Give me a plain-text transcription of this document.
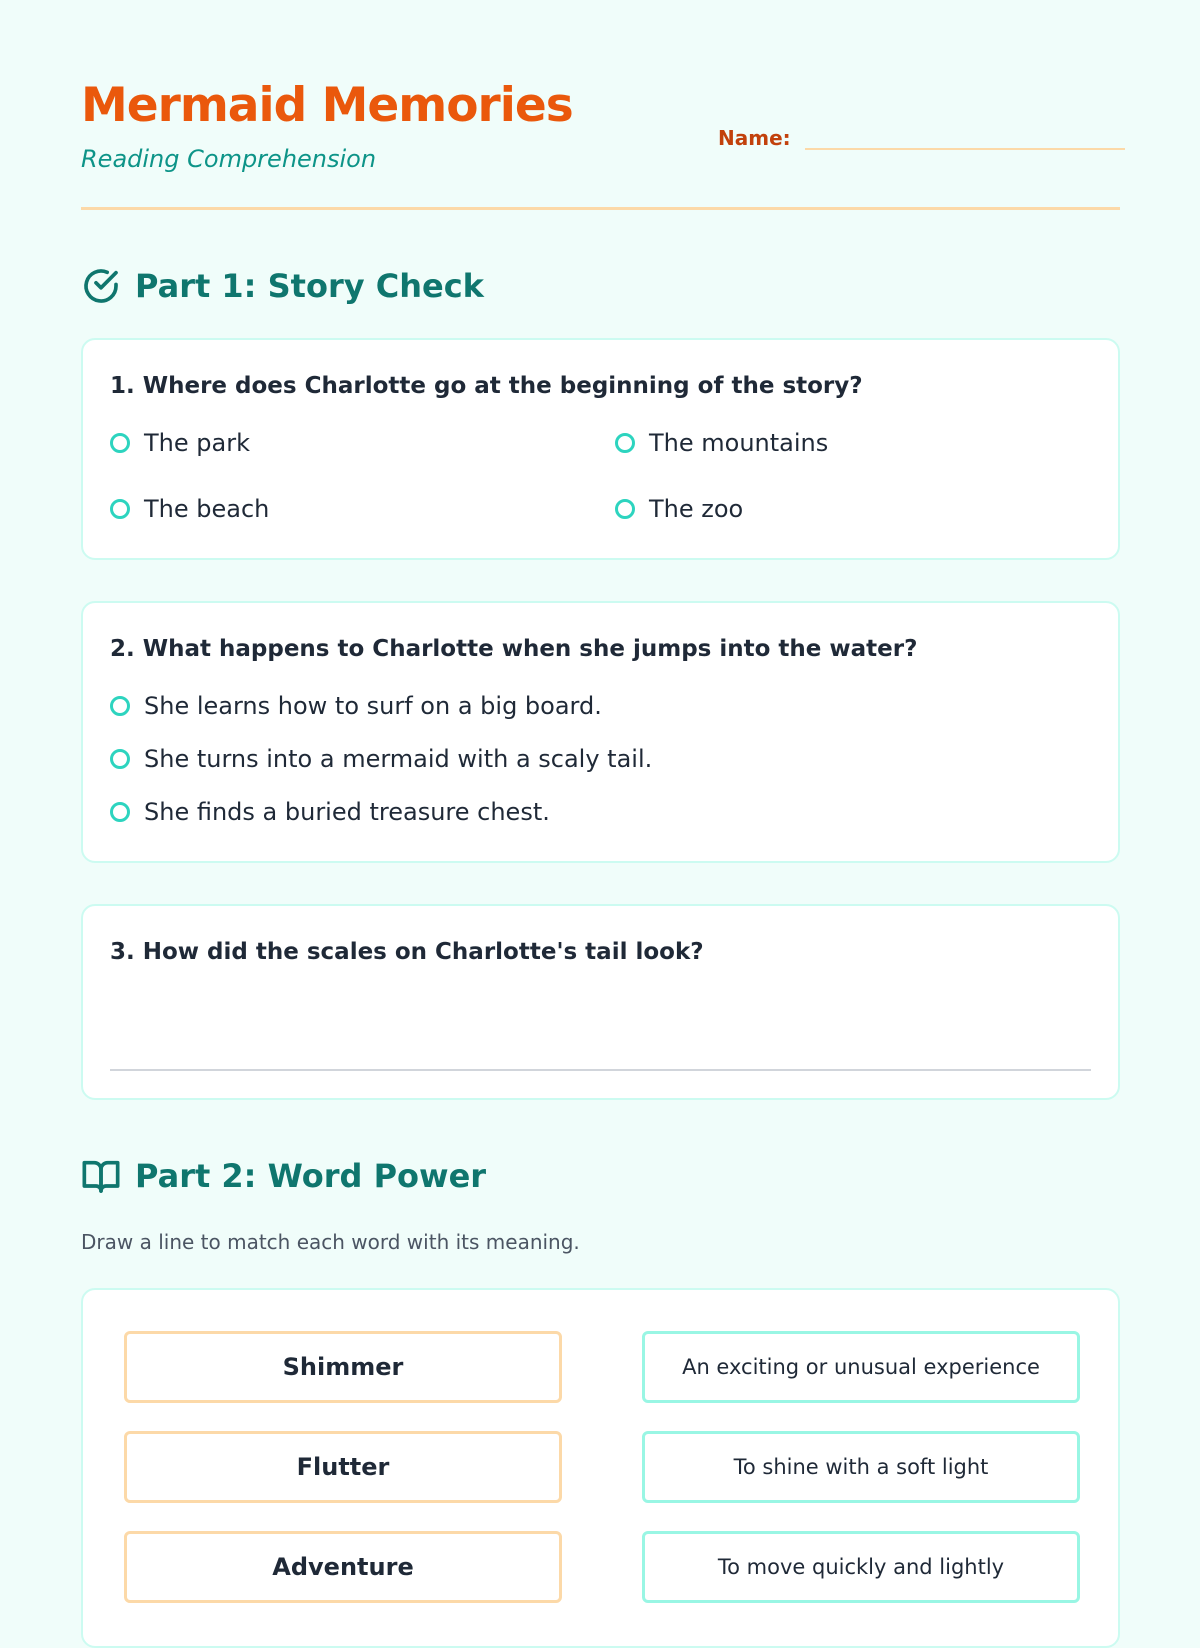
Mermaid Memories
Reading Comprehension
Name:
Part 1: Story Check
1. Where does Charlotte go at the beginning of the story?
The park	The mountains
The beach	The zoo
2. What happens to Charlotte when she jumps into the water?
She learns how to surf on a big board.
She turns into a mermaid with a scaly tail.
She finds a buried treasure chest.
3. How did the scales on Charlotte's tail look?
Part 2: Word Power
Draw a line to match each word with its meaning.
Shimmer	An exciting or unusual experience
Flutter	To shine with a soft light
Adventure	To move quickly and lightly
